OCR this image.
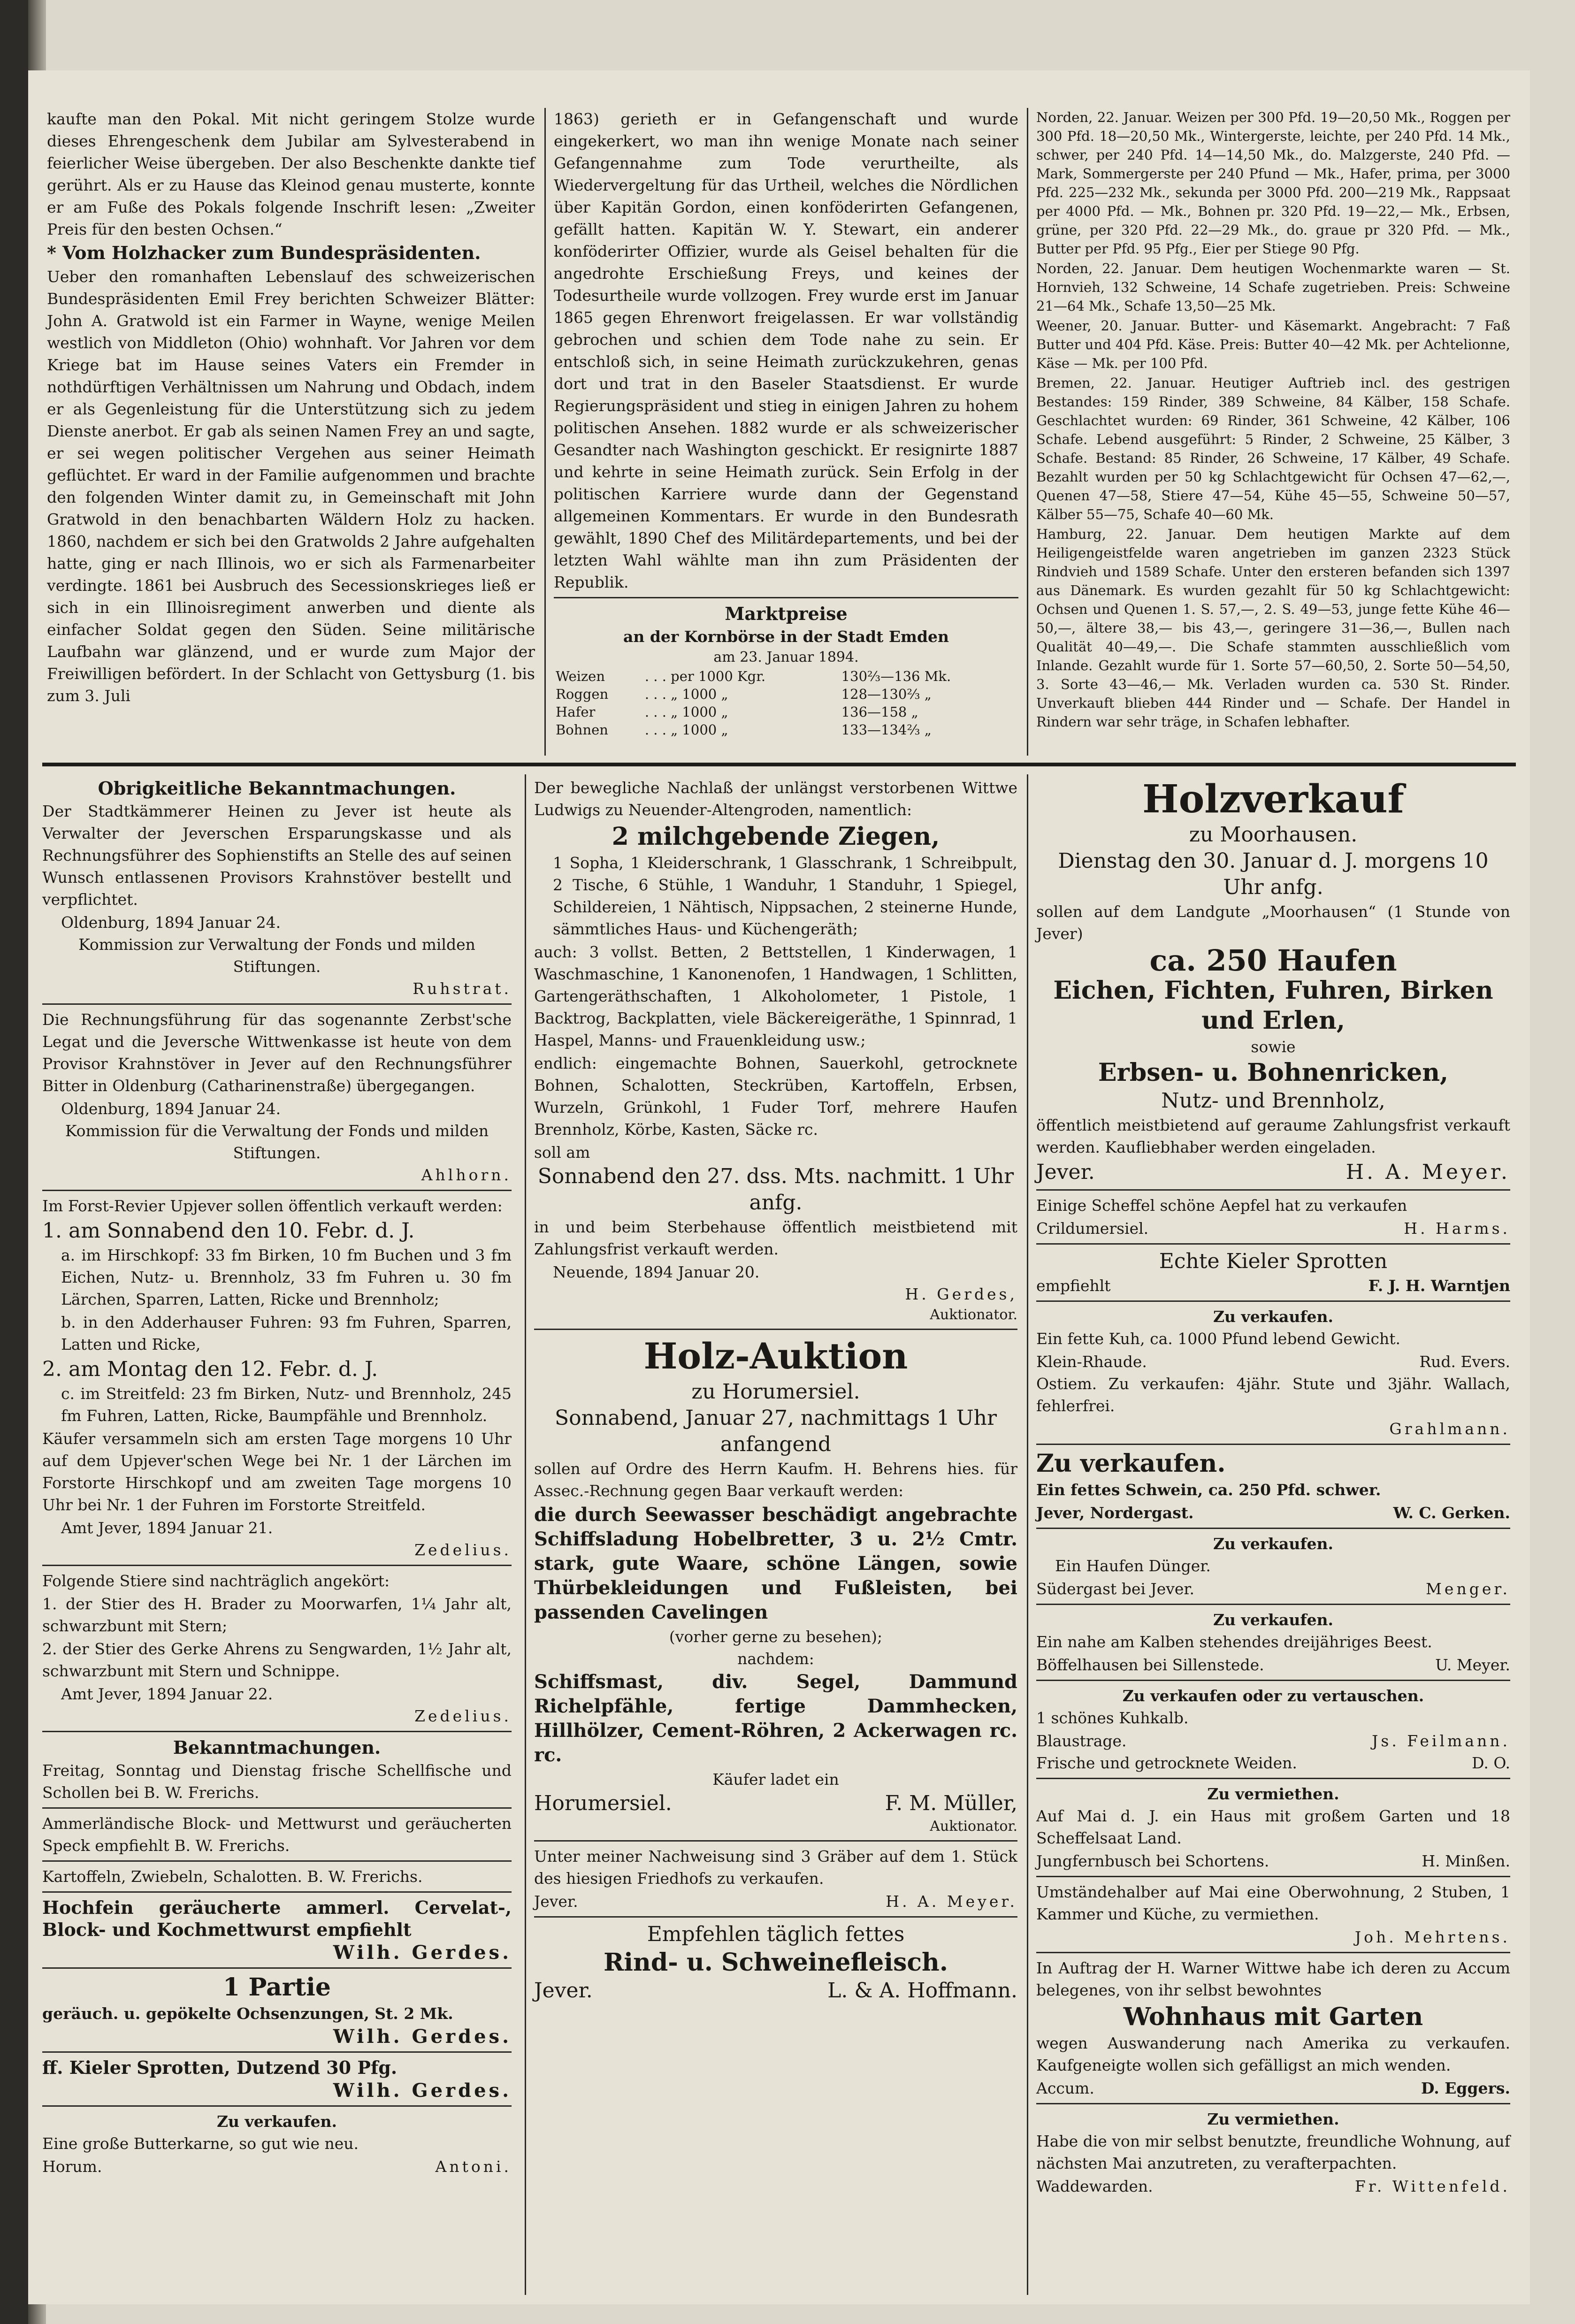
kaufte man den Pokal. Mit nicht geringem Stolze wurde dieses Ehrengeschenk dem Jubilar am Sylvesterabend in feierlicher Weise übergeben. Der also Beschenkte dankte tief gerührt. Als er zu Hause das Kleinod genau musterte, konnte er am Fuße des Pokals folgende Inschrift lesen: „Zweiter Preis für den besten Ochsen.“

* Vom Holzhacker zum Bundespräsidenten.

Ueber den romanhaften Lebenslauf des schweizerischen Bundespräsidenten Emil Frey berichten Schweizer Blätter: John A. Gratwold ist ein Farmer in Wayne, wenige Meilen westlich von Middleton (Ohio) wohnhaft. Vor Jahren vor dem Kriege bat im Hause seines Vaters ein Fremder in nothdürftigen Verhältnissen um Nahrung und Obdach, indem er als Gegenleistung für die Unterstützung sich zu jedem Dienste anerbot. Er gab als seinen Namen Frey an und sagte, er sei wegen politischer Vergehen aus seiner Heimath geflüchtet. Er ward in der Familie aufgenommen und brachte den folgenden Winter damit zu, in Gemeinschaft mit John Gratwold in den benachbarten Wäldern Holz zu hacken. 1860, nachdem er sich bei den Gratwolds 2 Jahre aufgehalten hatte, ging er nach Illinois, wo er sich als Farmenarbeiter verdingte. 1861 bei Ausbruch des Secessionskrieges ließ er sich in ein Illinoisregiment anwerben und diente als einfacher Soldat gegen den Süden. Seine militärische Laufbahn war glänzend, und er wurde zum Major der Freiwilligen befördert. In der Schlacht von Gettysburg (1. bis zum 3. Juli

1863) gerieth er in Gefangenschaft und wurde eingekerkert, wo man ihn wenige Monate nach seiner Gefangennahme zum Tode verurtheilte, als Wiedervergeltung für das Urtheil, welches die Nördlichen über Kapitän Gordon, einen konföderirten Gefangenen, gefällt hatten. Kapitän W. Y. Stewart, ein anderer konföderirter Offizier, wurde als Geisel behalten für die angedrohte Erschießung Freys, und keines der Todesurtheile wurde vollzogen. Frey wurde erst im Januar 1865 gegen Ehrenwort freigelassen. Er war vollständig gebrochen und schien dem Tode nahe zu sein. Er entschloß sich, in seine Heimath zurückzukehren, genas dort und trat in den Baseler Staatsdienst. Er wurde Regierungspräsident und stieg in einigen Jahren zu hohem politischen Ansehen. 1882 wurde er als schweizerischer Gesandter nach Washington geschickt. Er resignirte 1887 und kehrte in seine Heimath zurück. Sein Erfolg in der politischen Karriere wurde dann der Gegenstand allgemeinen Kommentars. Er wurde in den Bundesrath gewählt, 1890 Chef des Militärdepartements, und bei der letzten Wahl wählte man ihn zum Präsidenten der Republik.

Marktpreise
an der Kornbörse in der Stadt Emden
am 23. Januar 1894.
Weizen	. . . per 1000 Kgr.	130⅔—136 Mk.
Roggen	. . . „ 1000 „	128—130⅔ „
Hafer	. . . „ 1000 „	136—158 „
Bohnen	. . . „ 1000 „	133—134⅔ „

Norden, 22. Januar. Weizen per 300 Pfd. 19—20,50 Mk., Roggen per 300 Pfd. 18—20,50 Mk., Wintergerste, leichte, per 240 Pfd. 14 Mk., schwer, per 240 Pfd. 14—14,50 Mk., do. Malzgerste, 240 Pfd. — Mark, Sommergerste per 240 Pfund — Mk., Hafer, prima, per 3000 Pfd. 225—232 Mk., sekunda per 3000 Pfd. 200—219 Mk., Rappsaat per 4000 Pfd. — Mk., Bohnen pr. 320 Pfd. 19—22,— Mk., Erbsen, grüne, per 320 Pfd. 22—29 Mk., do. graue pr 320 Pfd. — Mk., Butter per Pfd. 95 Pfg., Eier per Stiege 90 Pfg.

Norden, 22. Januar. Dem heutigen Wochenmarkte waren — St. Hornvieh, 132 Schweine, 14 Schafe zugetrieben. Preis: Schweine 21—64 Mk., Schafe 13,50—25 Mk.

Weener, 20. Januar. Butter- und Käsemarkt. Angebracht: 7 Faß Butter und 404 Pfd. Käse. Preis: Butter 40—42 Mk. per Achtelionne, Käse — Mk. per 100 Pfd.

Bremen, 22. Januar. Heutiger Auftrieb incl. des gestrigen Bestandes: 159 Rinder, 389 Schweine, 84 Kälber, 158 Schafe. Geschlachtet wurden: 69 Rinder, 361 Schweine, 42 Kälber, 106 Schafe. Lebend ausgeführt: 5 Rinder, 2 Schweine, 25 Kälber, 3 Schafe. Bestand: 85 Rinder, 26 Schweine, 17 Kälber, 49 Schafe. Bezahlt wurden per 50 kg Schlachtgewicht für Ochsen 47—62,—, Quenen 47—58, Stiere 47—54, Kühe 45—55, Schweine 50—57, Kälber 55—75, Schafe 40—60 Mk.

Hamburg, 22. Januar. Dem heutigen Markte auf dem Heiligengeistfelde waren angetrieben im ganzen 2323 Stück Rindvieh und 1589 Schafe. Unter den ersteren befanden sich 1397 aus Dänemark. Es wurden gezahlt für 50 kg Schlachtgewicht: Ochsen und Quenen 1. S. 57,—, 2. S. 49—53, junge fette Kühe 46—50,—, ältere 38,— bis 43,—, geringere 31—36,—, Bullen nach Qualität 40—49,—. Die Schafe stammten ausschließlich vom Inlande. Gezahlt wurde für 1. Sorte 57—60,50, 2. Sorte 50—54,50, 3. Sorte 43—46,— Mk. Verladen wurden ca. 530 St. Rinder. Unverkauft blieben 444 Rinder und — Schafe. Der Handel in Rindern war sehr träge, in Schafen lebhafter.

Obrigkeitliche Bekanntmachungen.

Der Stadtkämmerer Heinen zu Jever ist heute als Verwalter der Jeverschen Ersparungskasse und als Rechnungsführer des Sophienstifts an Stelle des auf seinen Wunsch entlassenen Provisors Krahnstöver bestellt und verpflichtet.

Oldenburg, 1894 Januar 24.
Kommission zur Verwaltung der Fonds und milden Stiftungen.
Ruhstrat.

Die Rechnungsführung für das sogenannte Zerbst'sche Legat und die Jeversche Wittwenkasse ist heute von dem Provisor Krahnstöver in Jever auf den Rechnungsführer Bitter in Oldenburg (Catharinenstraße) übergegangen.

Oldenburg, 1894 Januar 24.
Kommission für die Verwaltung der Fonds und milden Stiftungen.
Ahlhorn.

Im Forst-Revier Upjever sollen öffentlich verkauft werden:

1. am Sonnabend den 10. Febr. d. J.

a. im Hirschkopf: 33 fm Birken, 10 fm Buchen und 3 fm Eichen, Nutz- u. Brennholz, 33 fm Fuhren u. 30 fm Lärchen, Sparren, Latten, Ricke und Brennholz;

b. in den Adderhauser Fuhren: 93 fm Fuhren, Sparren, Latten und Ricke,

2. am Montag den 12. Febr. d. J.

c. im Streitfeld: 23 fm Birken, Nutz- und Brennholz, 245 fm Fuhren, Latten, Ricke, Baumpfähle und Brennholz.

Käufer versammeln sich am ersten Tage morgens 10 Uhr auf dem Upjever'schen Wege bei Nr. 1 der Lärchen im Forstorte Hirschkopf und am zweiten Tage morgens 10 Uhr bei Nr. 1 der Fuhren im Forstorte Streitfeld.

Amt Jever, 1894 Januar 21.
Zedelius.

Folgende Stiere sind nachträglich angekört:

1. der Stier des H. Brader zu Moorwarfen, 1¼ Jahr alt, schwarzbunt mit Stern;

2. der Stier des Gerke Ahrens zu Sengwarden, 1½ Jahr alt, schwarzbunt mit Stern und Schnippe.

Amt Jever, 1894 Januar 22.
Zedelius.
Bekanntmachungen.

Freitag, Sonntag und Dienstag frische Schellfische und Schollen bei B. W. Frerichs.

Ammerländische Block- und Mettwurst und geräucherten Speck empfiehlt B. W. Frerichs.

Kartoffeln, Zwiebeln, Schalotten. B. W. Frerichs.

Hochfein geräucherte ammerl. Cervelat-, Block- und Kochmettwurst empfiehlt

Wilh. Gerdes.
1 Partie

geräuch. u. gepökelte Ochsenzungen, St. 2 Mk.

Wilh. Gerdes.

ff. Kieler Sprotten, Dutzend 30 Pfg.

Wilh. Gerdes.
Zu verkaufen.

Eine große Butterkarne, so gut wie neu.

Horum.	Antoni.

Der bewegliche Nachlaß der unlängst verstorbenen Wittwe Ludwigs zu Neuender-Altengroden, namentlich:

2 milchgebende Ziegen,

1 Sopha, 1 Kleiderschrank, 1 Glasschrank, 1 Schreibpult, 2 Tische, 6 Stühle, 1 Wanduhr, 1 Standuhr, 1 Spiegel, Schildereien, 1 Nähtisch, Nippsachen, 2 steinerne Hunde, sämmtliches Haus- und Küchengeräth;

auch: 3 vollst. Betten, 2 Bettstellen, 1 Kinderwagen, 1 Waschmaschine, 1 Kanonenofen, 1 Handwagen, 1 Schlitten, Gartengeräthschaften, 1 Alkoholometer, 1 Pistole, 1 Backtrog, Backplatten, viele Bäckereigeräthe, 1 Spinnrad, 1 Haspel, Manns- und Frauenkleidung usw.;

endlich: eingemachte Bohnen, Sauerkohl, getrocknete Bohnen, Schalotten, Steckrüben, Kartoffeln, Erbsen, Wurzeln, Grünkohl, 1 Fuder Torf, mehrere Haufen Brennholz, Körbe, Kasten, Säcke rc.

soll am
Sonnabend den 27. dss. Mts. nachmitt. 1 Uhr anfg.

in und beim Sterbehause öffentlich meistbietend mit Zahlungsfrist verkauft werden.

Neuende, 1894 Januar 20.
H. Gerdes,
Auktionator.
Holz-Auktion
zu Horumersiel.
Sonnabend, Januar 27, nachmittags 1 Uhr anfangend

sollen auf Ordre des Herrn Kaufm. H. Behrens hies. für Assec.-Rechnung gegen Baar verkauft werden:

die durch Seewasser beschädigt angebrachte Schiffsladung Hobelbretter, 3 u. 2½ Cmtr. stark, gute Waare, schöne Längen, sowie Thürbekleidungen und Fußleisten, bei passenden Cavelingen

(vorher gerne zu besehen);
nachdem:

Schiffsmast, div. Segel, Dammund Richelpfähle, fertige Dammhecken, Hillhölzer, Cement-Röhren, 2 Ackerwagen rc. rc.

Käufer ladet ein
Horumersiel.	F. M. Müller,
Auktionator.

Unter meiner Nachweisung sind 3 Gräber auf dem 1. Stück des hiesigen Friedhofs zu verkaufen.

Jever.	H. A. Meyer.
Empfehlen täglich fettes
Rind- u. Schweinefleisch.
Jever.	L. & A. Hoffmann.
Holzverkauf
zu Moorhausen.
Dienstag den 30. Januar d. J. morgens 10 Uhr anfg.

sollen auf dem Landgute „Moorhausen“ (1 Stunde von Jever)

ca. 250 Haufen
Eichen, Fichten, Fuhren, Birken und Erlen,
sowie
Erbsen- u. Bohnenricken,
Nutz- und Brennholz,

öffentlich meistbietend auf geraume Zahlungsfrist verkauft werden. Kaufliebhaber werden eingeladen.

Jever.	H. A. Meyer.

Einige Scheffel schöne Aepfel hat zu verkaufen

Crildumersiel.	H. Harms.
Echte Kieler Sprotten
empfiehlt	F. J. H. Warntjen
Zu verkaufen.

Ein fette Kuh, ca. 1000 Pfund lebend Gewicht.

Klein-Rhaude.	Rud. Evers.

Ostiem. Zu verkaufen: 4jähr. Stute und 3jähr. Wallach, fehlerfrei.

Grahlmann.
Zu verkaufen.

Ein fettes Schwein, ca. 250 Pfd. schwer.

Jever, Nordergast.	W. C. Gerken.
Zu verkaufen.

Ein Haufen Dünger.

Südergast bei Jever.	Menger.
Zu verkaufen.

Ein nahe am Kalben stehendes dreijähriges Beest.

Böffelhausen bei Sillenstede.	U. Meyer.
Zu verkaufen oder zu vertauschen.

1 schönes Kuhkalb.

Blaustrage.	Js. Feilmann.
Frische und getrocknete Weiden.	D. O.
Zu vermiethen.

Auf Mai d. J. ein Haus mit großem Garten und 18 Scheffelsaat Land.

Jungfernbusch bei Schortens.	H. Minßen.

Umständehalber auf Mai eine Oberwohnung, 2 Stuben, 1 Kammer und Küche, zu vermiethen.

Joh. Mehrtens.

In Auftrag der H. Warner Wittwe habe ich deren zu Accum belegenes, von ihr selbst bewohntes

Wohnhaus mit Garten

wegen Auswanderung nach Amerika zu verkaufen. Kaufgeneigte wollen sich gefälligst an mich wenden.

Accum.	D. Eggers.
Zu vermiethen.

Habe die von mir selbst benutzte, freundliche Wohnung, auf nächsten Mai anzutreten, zu verafterpachten.

Waddewarden.	Fr. Wittenfeld.
